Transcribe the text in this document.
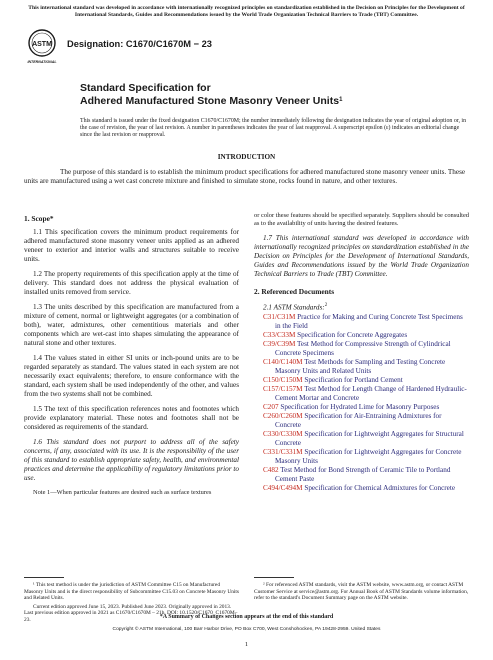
This international standard was developed in accordance with internationally recognized principles on standardization established in the Decision on Principles for the Development of International Standards, Guides and Recommendations issued by the World Trade Organization Technical Barriers to Trade (TBT) Committee.
ASTM
INTERNATIONAL
Designation: C1670/C1670M − 23
Standard Specification for
Adhered Manufactured Stone Masonry Veneer Units$^1$
This standard is issued under the fixed designation C1670/C1670M; the number immediately following the designation indicates the year of original adoption or, in the case of revision, the year of last revision. A number in parentheses indicates the year of last reapproval. A superscript epsilon (ε) indicates an editorial change since the last revision or reapproval.
INTRODUCTION
The purpose of this standard is to establish the minimum product specifications for adhered manufactured stone masonry veneer units. These units are manufactured using a wet cast concrete mixture and finished to simulate stone, rocks found in nature, and other textures.
1. Scope*
1.1 This specification covers the minimum product requirements for adhered manufactured stone masonry veneer units applied as an adhered veneer to exterior and interior walls and structures suitable to receive units.
1.2 The property requirements of this specification apply at the time of delivery. This standard does not address the physical evaluation of installed units removed from service.
1.3 The units described by this specification are manufactured from a mixture of cement, normal or lightweight aggregates (or a combination of both), water, admixtures, other cementitious materials and other components which are wet-cast into shapes simulating the appearance of natural stone and other textures.
1.4 The values stated in either SI units or inch-pound units are to be regarded separately as standard. The values stated in each system are not necessarily exact equivalents; therefore, to ensure conformance with the standard, each system shall be used independently of the other, and values from the two systems shall not be combined.
1.5 The text of this specification references notes and footnotes which provide explanatory material. These notes and footnotes shall not be considered as requirements of the standard.
1.6 This standard does not purport to address all of the safety concerns, if any, associated with its use. It is the responsibility of the user of this standard to establish appropriate safety, health, and environmental practices and determine the applicability of regulatory limitations prior to use.
Note 1—When particular features are desired such as surface textures
or color these features should be specified separately. Suppliers should be consulted as to the availability of units having the desired features.
1.7 This international standard was developed in accordance with internationally recognized principles on standardization established in the Decision on Principles for the Development of International Standards, Guides and Recommendations issued by the World Trade Organization Technical Barriers to Trade (TBT) Committee.
2. Referenced Documents
2.1 ASTM Standards:$^2$
C31/C31M Practice for Making and Curing Concrete Test Specimens in the Field
C33/C33M Specification for Concrete Aggregates
C39/C39M Test Method for Compressive Strength of Cylindrical Concrete Specimens
C140/C140M Test Methods for Sampling and Testing Concrete Masonry Units and Related Units
C150/C150M Specification for Portland Cement
C157/C157M Test Method for Length Change of Hardened Hydraulic-Cement Mortar and Concrete
C207 Specification for Hydrated Lime for Masonry Purposes
C260/C260M Specification for Air-Entraining Admixtures for Concrete
C330/C330M Specification for Lightweight Aggregates for Structural Concrete
C331/C331M Specification for Lightweight Aggregates for Concrete Masonry Units
C482 Test Method for Bond Strength of Ceramic Tile to Portland Cement Paste
C494/C494M Specification for Chemical Admixtures for Concrete

¹ This test method is under the jurisdiction of ASTM Committee C15 on Manufactured Masonry Units and is the direct responsibility of Subcommittee C15.03 on Concrete Masonry Units and Related Units.

Current edition approved June 15, 2023. Published June 2023. Originally approved in 2013. Last previous edition approved in 2021 as C1670/C1670M – 21b. DOI: 10.1520/C1670_C1670M–23.

² For referenced ASTM standards, visit the ASTM website, www.astm.org, or contact ASTM Customer Service at service@astm.org. For Annual Book of ASTM Standards volume information, refer to the standard's Document Summary page on the ASTM website.

*A Summary of Changes section appears at the end of this standard
Copyright © ASTM International, 100 Barr Harbor Drive, PO Box C700, West Conshohocken, PA 19428-2959. United States
1
